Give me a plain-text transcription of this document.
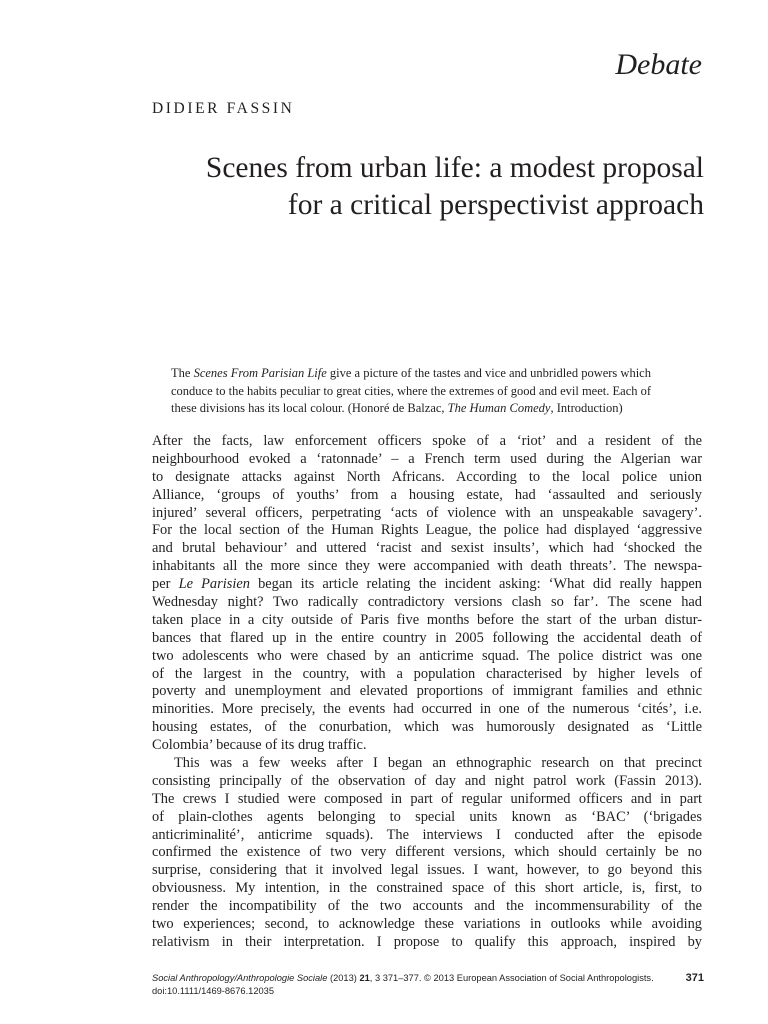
Debate
DIDIER FASSIN
Scenes from urban life: a modest proposal
for a critical perspectivist approach
The Scenes From Parisian Life give a picture of the tastes and vice and unbridled powers which
conduce to the habits peculiar to great cities, where the extremes of good and evil meet. Each of
these divisions has its local colour. (Honoré de Balzac, The Human Comedy, Introduction)
After the facts, law enforcement officers spoke of a ‘riot’ and a resident of the
neighbourhood evoked a ‘ratonnade’ – a French term used during the Algerian war
to designate attacks against North Africans. According to the local police union
Alliance, ‘groups of youths’ from a housing estate, had ‘assaulted and seriously
injured’ several officers, perpetrating ‘acts of violence with an unspeakable savagery’.
For the local section of the Human Rights League, the police had displayed ‘aggressive
and brutal behaviour’ and uttered ‘racist and sexist insults’, which had ‘shocked the
inhabitants all the more since they were accompanied with death threats’. The newspa-
per Le Parisien began its article relating the incident asking: ‘What did really happen
Wednesday night? Two radically contradictory versions clash so far’. The scene had
taken place in a city outside of Paris five months before the start of the urban distur-
bances that flared up in the entire country in 2005 following the accidental death of
two adolescents who were chased by an anticrime squad. The police district was one
of the largest in the country, with a population characterised by higher levels of
poverty and unemployment and elevated proportions of immigrant families and ethnic
minorities. More precisely, the events had occurred in one of the numerous ‘cités’, i.e.
housing estates, of the conurbation, which was humorously designated as ‘Little
Colombia’ because of its drug traffic.
This was a few weeks after I began an ethnographic research on that precinct
consisting principally of the observation of day and night patrol work (Fassin 2013).
The crews I studied were composed in part of regular uniformed officers and in part
of plain-clothes agents belonging to special units known as ‘BAC’ (‘brigades
anticriminalité’, anticrime squads). The interviews I conducted after the episode
confirmed the existence of two very different versions, which should certainly be no
surprise, considering that it involved legal issues. I want, however, to go beyond this
obviousness. My intention, in the constrained space of this short article, is, first, to
render the incompatibility of the two accounts and the incommensurability of the
two experiences; second, to acknowledge these variations in outlooks while avoiding
relativism in their interpretation. I propose to qualify this approach, inspired by
Social Anthropology/Anthropologie Sociale (2013) 21, 3 371–377. © 2013 European Association of Social Anthropologists.	371
doi:10.1111/1469-8676.12035
